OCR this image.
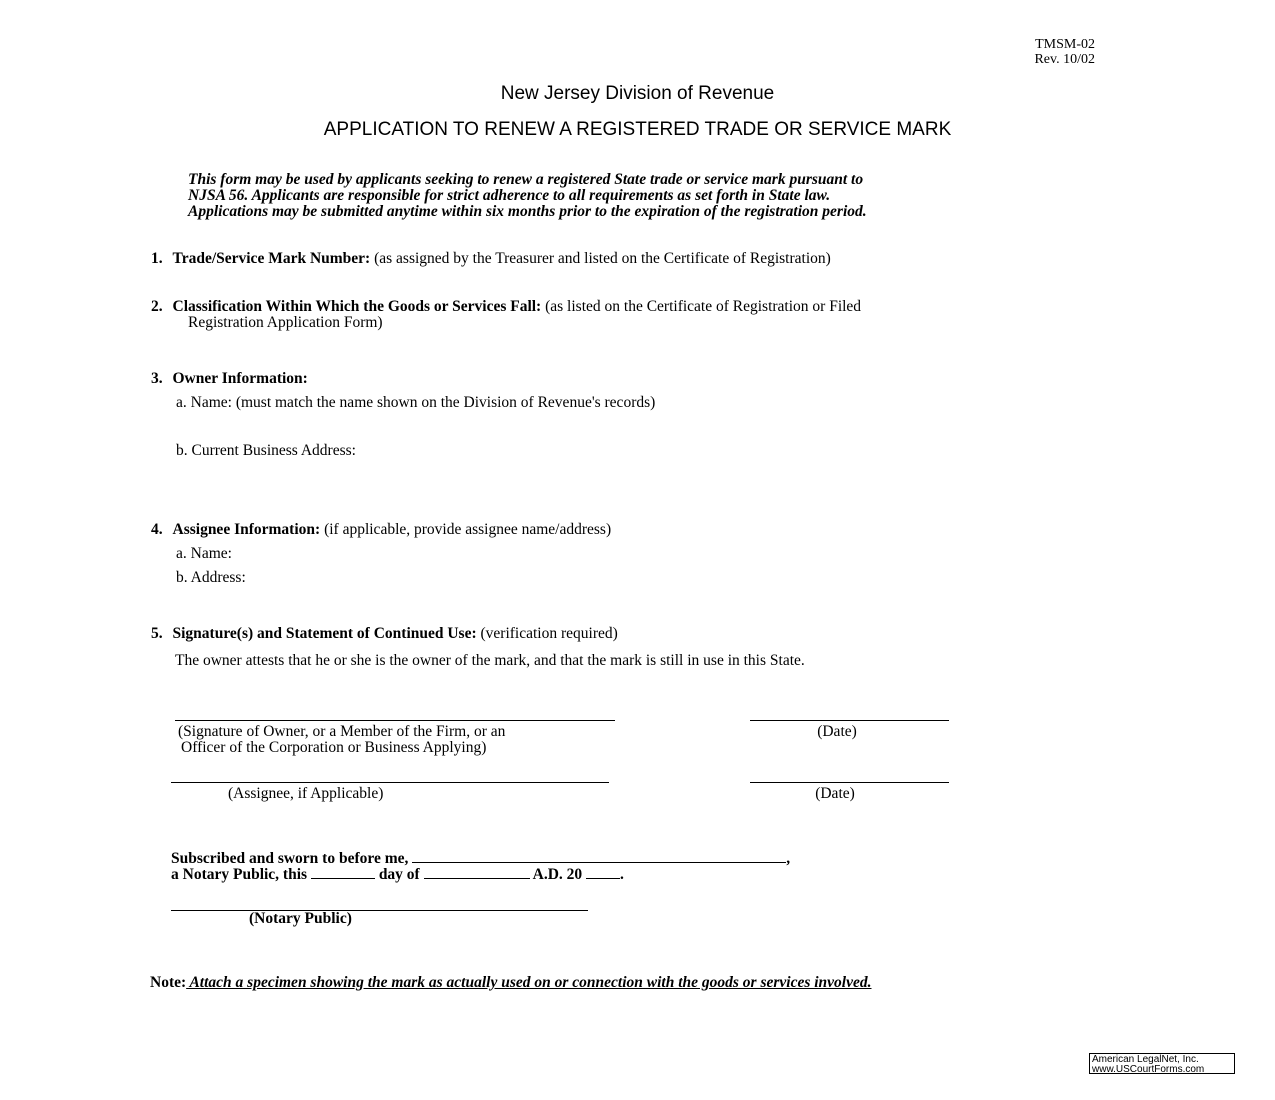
TMSM-02
Rev. 10/02
New Jersey Division of Revenue
APPLICATION TO RENEW A REGISTERED TRADE OR SERVICE MARK
This form may be used by applicants seeking to renew a registered State trade or service mark pursuant to
NJSA 56. Applicants are responsible for strict adherence to all requirements as set forth in State law.
Applications may be submitted anytime within six months prior to the expiration of the registration period.
1. Trade/Service Mark Number: (as assigned by the Treasurer and listed on the Certificate of Registration)
2. Classification Within Which the Goods or Services Fall: (as listed on the Certificate of Registration or Filed
Registration Application Form)
3. Owner Information:
a. Name: (must match the name shown on the Division of Revenue's records)
b. Current Business Address:
4. Assignee Information: (if applicable, provide assignee name/address)
a. Name:
b. Address:
5. Signature(s) and Statement of Continued Use: (verification required)
The owner attests that he or she is the owner of the mark, and that the mark is still in use in this State.
(Signature of Owner, or a Member of the Firm, or an
Officer of the Corporation or Business Applying)
(Date)
(Assignee, if Applicable)	(Date)
Subscribed and sworn to before me,	,
a Notary Public, this	day of	A.D. 20 .
(Notary Public)
Note: Attach a specimen showing the mark as actually used on or connection with the goods or services involved.
American LegalNet, Inc.
www.USCourtForms.com
